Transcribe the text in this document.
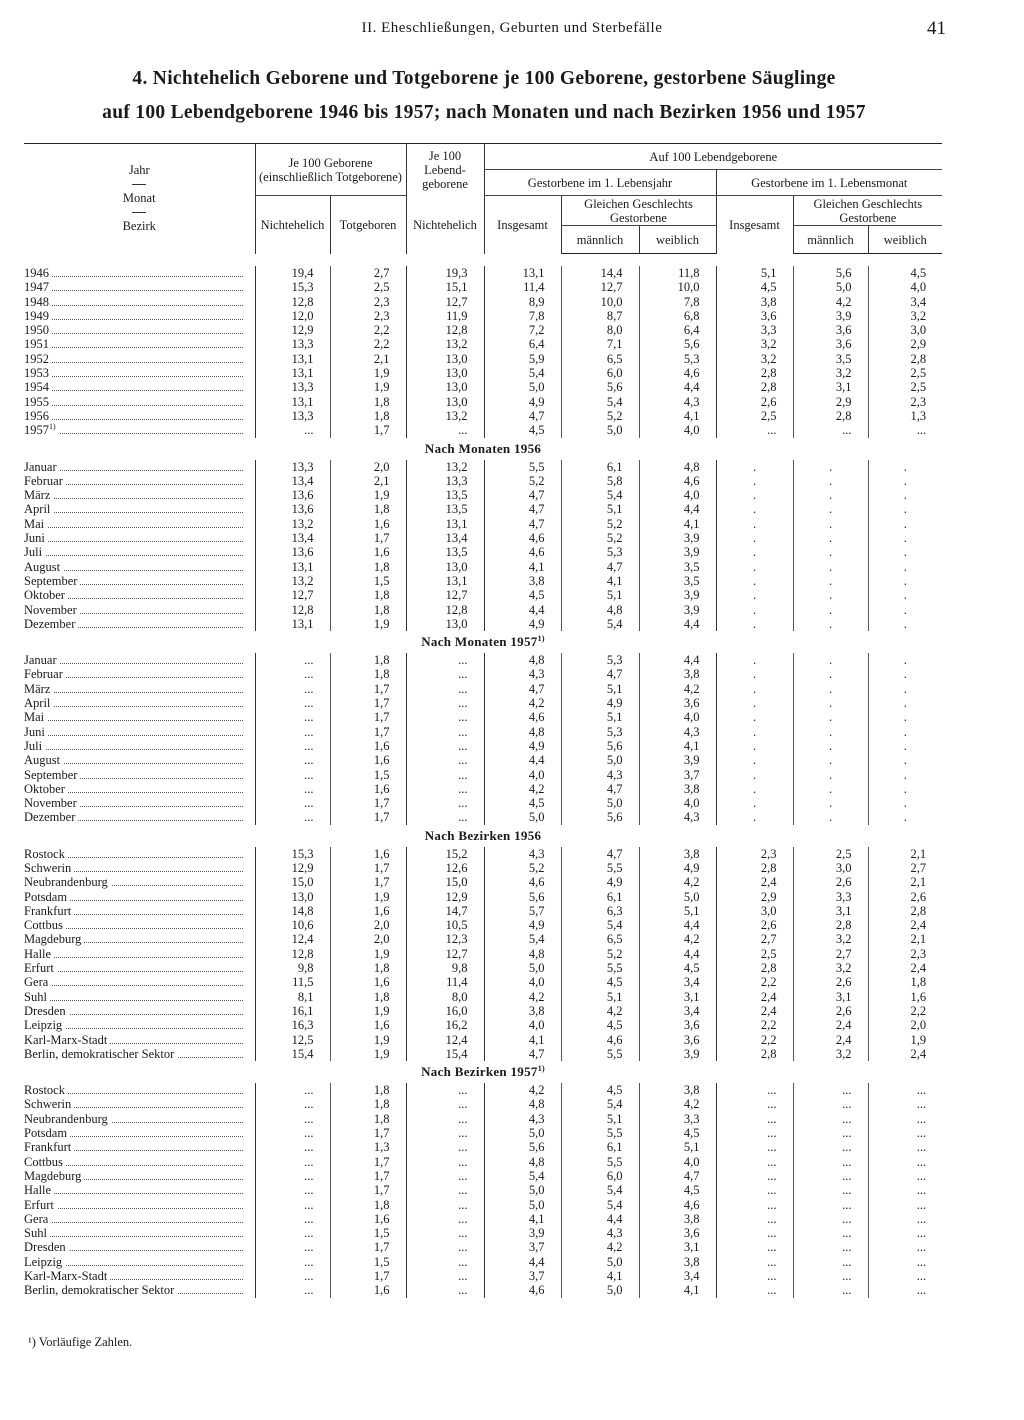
II. Eheschließungen, Geburten und Sterbefälle	41
4. Nichtehelich Geborene und Totgeborene je 100 Geborene, gestorbene Säuglinge
auf 100 Lebendgeborene 1946 bis 1957; nach Monaten und nach Bezirken 1956 und 1957
Jahr
Monat
Bezirk	Je 100 Geborene (einschließlich Totgeborene)		Je 100 Lebendgeborene	Auf 100 Lebendgeborene					
				Gestorbene im 1. Lebensjahr			Gestorbene im 1. Lebensmonat		
	Nichtehelich	Totgeboren	Nichtehelich	Insgesamt	Gleichen Geschlechts Gestorbene		Insgesamt	Gleichen Geschlechts Gestorbene	
					männlich	weiblich		männlich	weiblich

1946	19,4	2,7	19,3	13,1	14,4	11,8	5,1	5,6	4,5
1947	15,3	2,5	15,1	11,4	12,7	10,0	4,5	5,0	4,0
1948	12,8	2,3	12,7	8,9	10,0	7,8	3,8	4,2	3,4
1949	12,0	2,3	11,9	7,8	8,7	6,8	3,6	3,9	3,2
1950	12,9	2,2	12,8	7,2	8,0	6,4	3,3	3,6	3,0
1951	13,3	2,2	13,2	6,4	7,1	5,6	3,2	3,6	2,9
1952	13,1	2,1	13,0	5,9	6,5	5,3	3,2	3,5	2,8
1953	13,1	1,9	13,0	5,4	6,0	4,6	2,8	3,2	2,5
1954	13,3	1,9	13,0	5,0	5,6	4,4	2,8	3,1	2,5
1955	13,1	1,8	13,0	4,9	5,4	4,3	2,6	2,9	2,3
1956	13,3	1,8	13,2	4,7	5,2	4,1	2,5	2,8	1,3
1957$^{1)}$	...	1,7	...	4,5	5,0	4,0	...	...	...
Nach Monaten 1956									
Januar	13,3	2,0	13,2	5,5	6,1	4,8	.	.	.
Februar	13,4	2,1	13,3	5,2	5,8	4,6	.	.	.
März	13,6	1,9	13,5	4,7	5,4	4,0	.	.	.
April	13,6	1,8	13,5	4,7	5,1	4,4	.	.	.
Mai	13,2	1,6	13,1	4,7	5,2	4,1	.	.	.
Juni	13,4	1,7	13,4	4,6	5,2	3,9	.	.	.
Juli	13,6	1,6	13,5	4,6	5,3	3,9	.	.	.
August	13,1	1,8	13,0	4,1	4,7	3,5	.	.	.
September	13,2	1,5	13,1	3,8	4,1	3,5	.	.	.
Oktober	12,7	1,8	12,7	4,5	5,1	3,9	.	.	.
November	12,8	1,8	12,8	4,4	4,8	3,9	.	.	.
Dezember	13,1	1,9	13,0	4,9	5,4	4,4	.	.	.
Nach Monaten 1957$^{1)}$
Januar	...	1,8	...	4,8	5,3	4,4	.	.	.
Februar	...	1,8	...	4,3	4,7	3,8	.	.	.
März	...	1,7	...	4,7	5,1	4,2	.	.	.
April	...	1,7	...	4,2	4,9	3,6	.	.	.
Mai	...	1,7	...	4,6	5,1	4,0	.	.	.
Juni	...	1,7	...	4,8	5,3	4,3	.	.	.
Juli	...	1,6	...	4,9	5,6	4,1	.	.	.
August	...	1,6	...	4,4	5,0	3,9	.	.	.
September	...	1,5	...	4,0	4,3	3,7	.	.	.
Oktober	...	1,6	...	4,2	4,7	3,8	.	.	.
November	...	1,7	...	4,5	5,0	4,0	.	.	.
Dezember	...	1,7	...	5,0	5,6	4,3	.	.	.
Nach Bezirken 1956									
Rostock	15,3	1,6	15,2	4,3	4,7	3,8	2,3	2,5	2,1
Schwerin	12,9	1,7	12,6	5,2	5,5	4,9	2,8	3,0	2,7
Neubrandenburg	15,0	1,7	15,0	4,6	4,9	4,2	2,4	2,6	2,1
Potsdam	13,0	1,9	12,9	5,6	6,1	5,0	2,9	3,3	2,6
Frankfurt	14,8	1,6	14,7	5,7	6,3	5,1	3,0	3,1	2,8
Cottbus	10,6	2,0	10,5	4,9	5,4	4,4	2,6	2,8	2,4
Magdeburg	12,4	2,0	12,3	5,4	6,5	4,2	2,7	3,2	2,1
Halle	12,8	1,9	12,7	4,8	5,2	4,4	2,5	2,7	2,3
Erfurt	9,8	1,8	9,8	5,0	5,5	4,5	2,8	3,2	2,4
Gera	11,5	1,6	11,4	4,0	4,5	3,4	2,2	2,6	1,8
Suhl	8,1	1,8	8,0	4,2	5,1	3,1	2,4	3,1	1,6
Dresden	16,1	1,9	16,0	3,8	4,2	3,4	2,4	2,6	2,2
Leipzig	16,3	1,6	16,2	4,0	4,5	3,6	2,2	2,4	2,0
Karl-Marx-Stadt	12,5	1,9	12,4	4,1	4,6	3,6	2,2	2,4	1,9
Berlin, demokratischer Sektor	15,4	1,9	15,4	4,7	5,5	3,9	2,8	3,2	2,4
Nach Bezirken 1957$^{1)}$
Rostock	...	1,8	...	4,2	4,5	3,8	...	...	...
Schwerin	...	1,8	...	4,8	5,4	4,2	...	...	...
Neubrandenburg	...	1,8	...	4,3	5,1	3,3	...	...	...
Potsdam	...	1,7	...	5,0	5,5	4,5	...	...	...
Frankfurt	...	1,3	...	5,6	6,1	5,1	...	...	...
Cottbus	...	1,7	...	4,8	5,5	4,0	...	...	...
Magdeburg	...	1,7	...	5,4	6,0	4,7	...	...	...
Halle	...	1,7	...	5,0	5,4	4,5	...	...	...
Erfurt	...	1,8	...	5,0	5,4	4,6	...	...	...
Gera	...	1,6	...	4,1	4,4	3,8	...	...	...
Suhl	...	1,5	...	3,9	4,3	3,6	...	...	...
Dresden	...	1,7	...	3,7	4,2	3,1	...	...	...
Leipzig	...	1,5	...	4,4	5,0	3,8	...	...	...
Karl-Marx-Stadt	...	1,7	...	3,7	4,1	3,4	...	...	...
Berlin, demokratischer Sektor	...	1,6	...	4,6	5,0	4,1	...	...	...
¹) Vorläufige Zahlen.
